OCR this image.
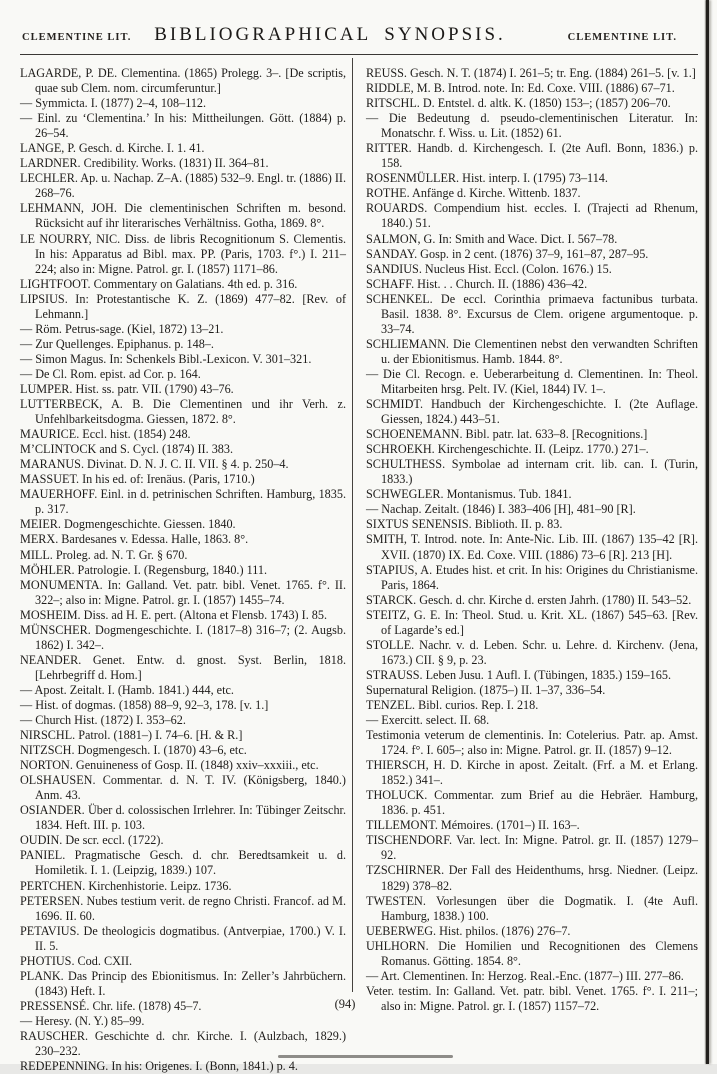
CLEMENTINE LIT.	BIBLIOGRAPHICAL SYNOPSIS.	CLEMENTINE LIT.

LAGARDE, P. DE. Clementina. (1865) Prolegg. 3–. [De scriptis, quae sub Clem. nom. circumferuntur.]

— Symmicta. I. (1877) 2–4, 108–112.

— Einl. zu ‘Clementina.’ In his: Mittheilungen. Gött. (1884) p. 26–54.

LANGE, P. Gesch. d. Kirche. I. 1. 41.

LARDNER. Credibility. Works. (1831) II. 364–81.

LECHLER. Ap. u. Nachap. Z–A. (1885) 532–9. Engl. tr. (1886) II. 268–76.

LEHMANN, JOH. Die clementinischen Schriften m. besond. Rücksicht auf ihr literarisches Verhältniss. Gotha, 1869. 8°.

LE NOURRY, NIC. Diss. de libris Recognitionum S. Clementis. In his: Apparatus ad Bibl. max. PP. (Paris, 1703. f°.) I. 211–224; also in: Migne. Patrol. gr. I. (1857) 1171–86.

LIGHTFOOT. Commentary on Galatians. 4th ed. p. 316.

LIPSIUS. In: Protestantische K. Z. (1869) 477–82. [Rev. of Lehmann.]

— Röm. Petrus-sage. (Kiel, 1872) 13–21.

— Zur Quellenges. Epiphanus. p. 148–.

— Simon Magus. In: Schenkels Bibl.-Lexicon. V. 301–321.

— De Cl. Rom. epist. ad Cor. p. 164.

LUMPER. Hist. ss. patr. VII. (1790) 43–76.

LUTTERBECK, A. B. Die Clementinen und ihr Verh. z. Unfehlbarkeitsdogma. Giessen, 1872. 8°.

MAURICE. Eccl. hist. (1854) 248.

M’CLINTOCK and S. Cycl. (1874) II. 383.

MARANUS. Divinat. D. N. J. C. II. VII. § 4. p. 250–4.

MASSUET. In his ed. of: Irenäus. (Paris, 1710.)

MAUERHOFF. Einl. in d. petrinischen Schriften. Hamburg, 1835. p. 317.

MEIER. Dogmengeschichte. Giessen. 1840.

MERX. Bardesanes v. Edessa. Halle, 1863. 8°.

MILL. Proleg. ad. N. T. Gr. § 670.

MÖHLER. Patrologie. I. (Regensburg, 1840.) 111.

MONUMENTA. In: Galland. Vet. patr. bibl. Venet. 1765. f°. II. 322–; also in: Migne. Patrol. gr. I. (1857) 1455–74.

MOSHEIM. Diss. ad H. E. pert. (Altona et Flensb. 1743) I. 85.

MÜNSCHER. Dogmengeschichte. I. (1817–8) 316–7; (2. Augsb. 1862) I. 342–.

NEANDER. Genet. Entw. d. gnost. Syst. Berlin, 1818. [Lehrbegriff d. Hom.]

— Apost. Zeitalt. I. (Hamb. 1841.) 444, etc.

— Hist. of dogmas. (1858) 88–9, 92–3, 178. [v. 1.]

— Church Hist. (1872) I. 353–62.

NIRSCHL. Patrol. (1881–) I. 74–6. [H. & R.]

NITZSCH. Dogmengesch. I. (1870) 43–6, etc.

NORTON. Genuineness of Gosp. II. (1848) xxiv–xxxiii., etc.

OLSHAUSEN. Commentar. d. N. T. IV. (Königsberg, 1840.) Anm. 43.

OSIANDER. Über d. colossischen Irrlehrer. In: Tübinger Zeitschr. 1834. Heft. III. p. 103.

OUDIN. De scr. eccl. (1722).

PANIEL. Pragmatische Gesch. d. chr. Beredtsamkeit u. d. Homiletik. I. 1. (Leipzig, 1839.) 107.

PERTCHEN. Kirchenhistorie. Leipz. 1736.

PETERSEN. Nubes testium verit. de regno Christi. Francof. ad M. 1696. II. 60.

PETAVIUS. De theologicis dogmatibus. (Antverpiae, 1700.) V. I. II. 5.

PHOTIUS. Cod. CXII.

PLANK. Das Princip des Ebionitismus. In: Zeller’s Jahrbüchern. (1843) Heft. I.

PRESSENSÉ. Chr. life. (1878) 45–7.

— Heresy. (N. Y.) 85–99.

RAUSCHER. Geschichte d. chr. Kirche. I. (Aulzbach, 1829.) 230–232.

REDEPENNING. In his: Origenes. I. (Bonn, 1841.) p. 4.

REUSS. Gesch. N. T. (1874) I. 261–5; tr. Eng. (1884) 261–5. [v. 1.]

RIDDLE, M. B. Introd. note. In: Ed. Coxe. VIII. (1886) 67–71.

RITSCHL. D. Entstel. d. altk. K. (1850) 153–; (1857) 206–70.

— Die Bedeutung d. pseudo-clementinischen Literatur. In: Monatschr. f. Wiss. u. Lit. (1852) 61.

RITTER. Handb. d. Kirchengesch. I. (2te Aufl. Bonn, 1836.) p. 158.

ROSENMÜLLER. Hist. interp. I. (1795) 73–114.

ROTHE. Anfänge d. Kirche. Wittenb. 1837.

ROUARDS. Compendium hist. eccles. I. (Trajecti ad Rhenum, 1840.) 51.

SALMON, G. In: Smith and Wace. Dict. I. 567–78.

SANDAY. Gosp. in 2 cent. (1876) 37–9, 161–87, 287–95.

SANDIUS. Nucleus Hist. Eccl. (Colon. 1676.) 15.

SCHAFF. Hist. . . Church. II. (1886) 436–42.

SCHENKEL. De eccl. Corinthia primaeva factunibus turbata. Basil. 1838. 8°. Excursus de Clem. origene argumentoque. p. 33–74.

SCHLIEMANN. Die Clementinen nebst den verwandten Schriften u. der Ebionitismus. Hamb. 1844. 8°.

— Die Cl. Recogn. e. Ueberarbeitung d. Clementinen. In: Theol. Mitarbeiten hrsg. Pelt. IV. (Kiel, 1844) IV. 1–.

SCHMIDT. Handbuch der Kirchengeschichte. I. (2te Auflage. Giessen, 1824.) 443–51.

SCHOENEMANN. Bibl. patr. lat. 633–8. [Recognitions.]

SCHROEKH. Kirchengeschichte. II. (Leipz. 1770.) 271–.

SCHULTHESS. Symbolae ad internam crit. lib. can. I. (Turin, 1833.)

SCHWEGLER. Montanismus. Tub. 1841.

— Nachap. Zeitalt. (1846) I. 383–406 [H], 481–90 [R].

SIXTUS SENENSIS. Biblioth. II. p. 83.

SMITH, T. Introd. note. In: Ante-Nic. Lib. III. (1867) 135–42 [R]. XVII. (1870) IX. Ed. Coxe. VIII. (1886) 73–6 [R]. 213 [H].

STAPIUS, A. Etudes hist. et crit. In his: Origines du Christianisme. Paris, 1864.

STARCK. Gesch. d. chr. Kirche d. ersten Jahrh. (1780) II. 543–52.

STEITZ, G. E. In: Theol. Stud. u. Krit. XL. (1867) 545–63. [Rev. of Lagarde’s ed.]

STOLLE. Nachr. v. d. Leben. Schr. u. Lehre. d. Kirchenv. (Jena, 1673.) CII. § 9, p. 23.

STRAUSS. Leben Jusu. 1 Aufl. I. (Tübingen, 1835.) 159–165.

Supernatural Religion. (1875–) II. 1–37, 336–54.

TENZEL. Bibl. curios. Rep. I. 218.

— Exercitt. select. II. 68.

Testimonia veterum de clementinis. In: Cotelerius. Patr. ap. Amst. 1724. f°. I. 605–; also in: Migne. Patrol. gr. II. (1857) 9–12.

THIERSCH, H. D. Kirche in apost. Zeitalt. (Frf. a M. et Erlang. 1852.) 341–.

THOLUCK. Commentar. zum Brief au die Hebräer. Hamburg, 1836. p. 451.

TILLEMONT. Mémoires. (1701–) II. 163–.

TISCHENDORF. Var. lect. In: Migne. Patrol. gr. II. (1857) 1279–92.

TZSCHIRNER. Der Fall des Heidenthums, hrsg. Niedner. (Leipz. 1829) 378–82.

TWESTEN. Vorlesungen über die Dogmatik. I. (4te Aufl. Hamburg, 1838.) 100.

UEBERWEG. Hist. philos. (1876) 276–7.

UHLHORN. Die Homilien und Recognitionen des Clemens Romanus. Götting. 1854. 8°.

— Art. Clementinen. In: Herzog. Real.-Enc. (1877–) III. 277–86.

Veter. testim. In: Galland. Vet. patr. bibl. Venet. 1765. f°. I. 211–; also in: Migne. Patrol. gr. I. (1857) 1157–72.

(94)
